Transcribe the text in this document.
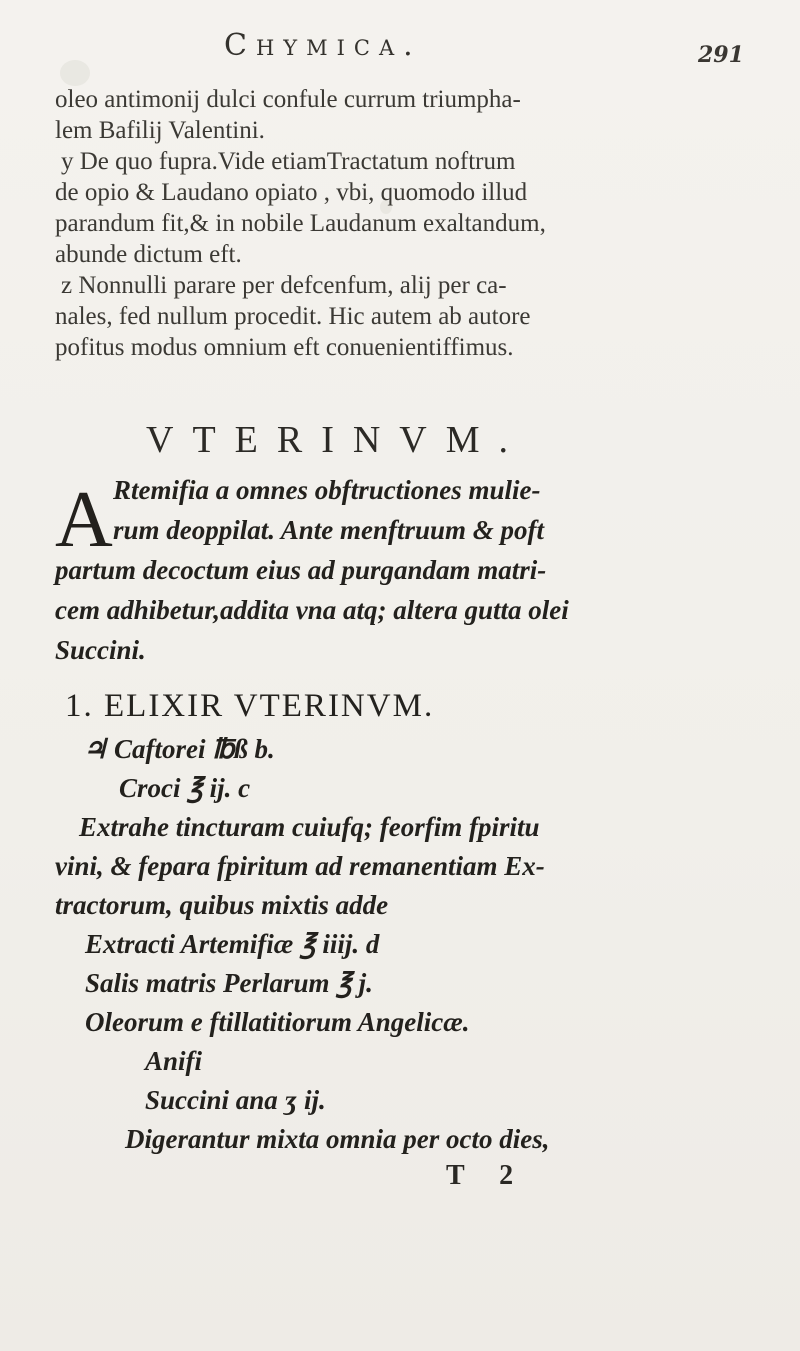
Chymica.	291
oleo antimonij dulci confule currum triumpha-
lem Bafilij Valentini.
y De quo fupra.Vide etiamTractatum noftrum
de opio & Laudano opiato , vbi, quomodo illud
parandum fit,& in nobile Laudanum exaltandum,
abunde dictum eft.
z Nonnulli parare per defcenfum, alij per ca-
nales, fed nullum procedit. Hic autem ab autore
pofitus modus omnium eft conuenientiffimus.
VTERINVM.
A Rtemifia a omnes obftructiones mulie-
rum deoppilat. Ante menftruum & poft
partum decoctum eius ad purgandam matri-
cem adhibetur,addita vna atq; altera gutta olei
Succini.
1. ELIXIR VTERINVM.
♃ Caftorei ℔ß b.
Croci ℥ ij. c
Extrahe tincturam cuiufq; feorfim fpiritu
vini, & fepara fpiritum ad remanentiam Ex-
tractorum, quibus mixtis adde
Extracti Artemifiæ ℥ iiij. d
Salis matris Perlarum ℥ j.
Oleorum e ftillatitiorum Angelicæ.
Anifi
Succini ana ʒ ij.
Digerantur mixta omnia per octo dies,
T 2
